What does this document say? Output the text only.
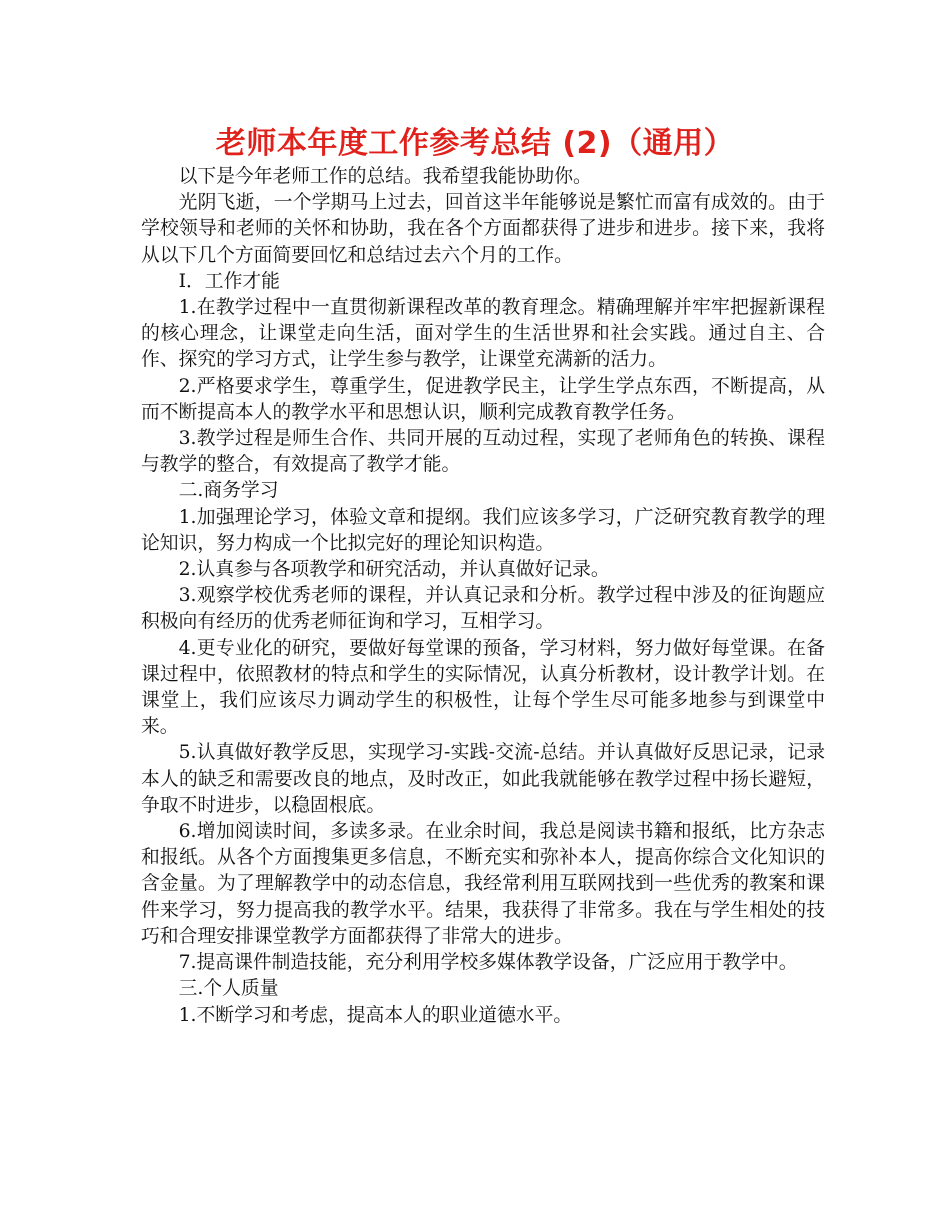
老师本年度工作参考总结 (2)（通用）

以下是今年老师工作的总结。我希望我能协助你。

光阴飞逝，一个学期马上过去，回首这半年能够说是繁忙而富有成效的。由于学校领导和老师的关怀和协助，我在各个方面都获得了进步和进步。接下来，我将从以下几个方面简要回忆和总结过去六个月的工作。

Ⅰ．工作才能

1.在教学过程中一直贯彻新课程改革的教育理念。精确理解并牢牢把握新课程的核心理念，让课堂走向生活，面对学生的生活世界和社会实践。通过自主、合作、探究的学习方式，让学生参与教学，让课堂充满新的活力。

2.严格要求学生，尊重学生，促进教学民主，让学生学点东西，不断提高，从而不断提高本人的教学水平和思想认识，顺利完成教育教学任务。

3.教学过程是师生合作、共同开展的互动过程，实现了老师角色的转换、课程与教学的整合，有效提高了教学才能。

二.商务学习

1.加强理论学习，体验文章和提纲。我们应该多学习，广泛研究教育教学的理论知识，努力构成一个比拟完好的理论知识构造。

2.认真参与各项教学和研究活动，并认真做好记录。

3.观察学校优秀老师的课程，并认真记录和分析。教学过程中涉及的征询题应积极向有经历的优秀老师征询和学习，互相学习。

4.更专业化的研究，要做好每堂课的预备，学习材料，努力做好每堂课。在备课过程中，依照教材的特点和学生的实际情况，认真分析教材，设计教学计划。在课堂上，我们应该尽力调动学生的积极性，让每个学生尽可能多地参与到课堂中来。

5.认真做好教学反思，实现学习-实践-交流-总结。并认真做好反思记录，记录本人的缺乏和需要改良的地点，及时改正，如此我就能够在教学过程中扬长避短，争取不时进步，以稳固根底。

6.增加阅读时间，多读多录。在业余时间，我总是阅读书籍和报纸，比方杂志和报纸。从各个方面搜集更多信息，不断充实和弥补本人，提高你综合文化知识的含金量。为了理解教学中的动态信息，我经常利用互联网找到一些优秀的教案和课件来学习，努力提高我的教学水平。结果，我获得了非常多。我在与学生相处的技巧和合理安排课堂教学方面都获得了非常大的进步。

7.提高课件制造技能，充分利用学校多媒体教学设备，广泛应用于教学中。

三.个人质量

1.不断学习和考虑，提高本人的职业道德水平。
